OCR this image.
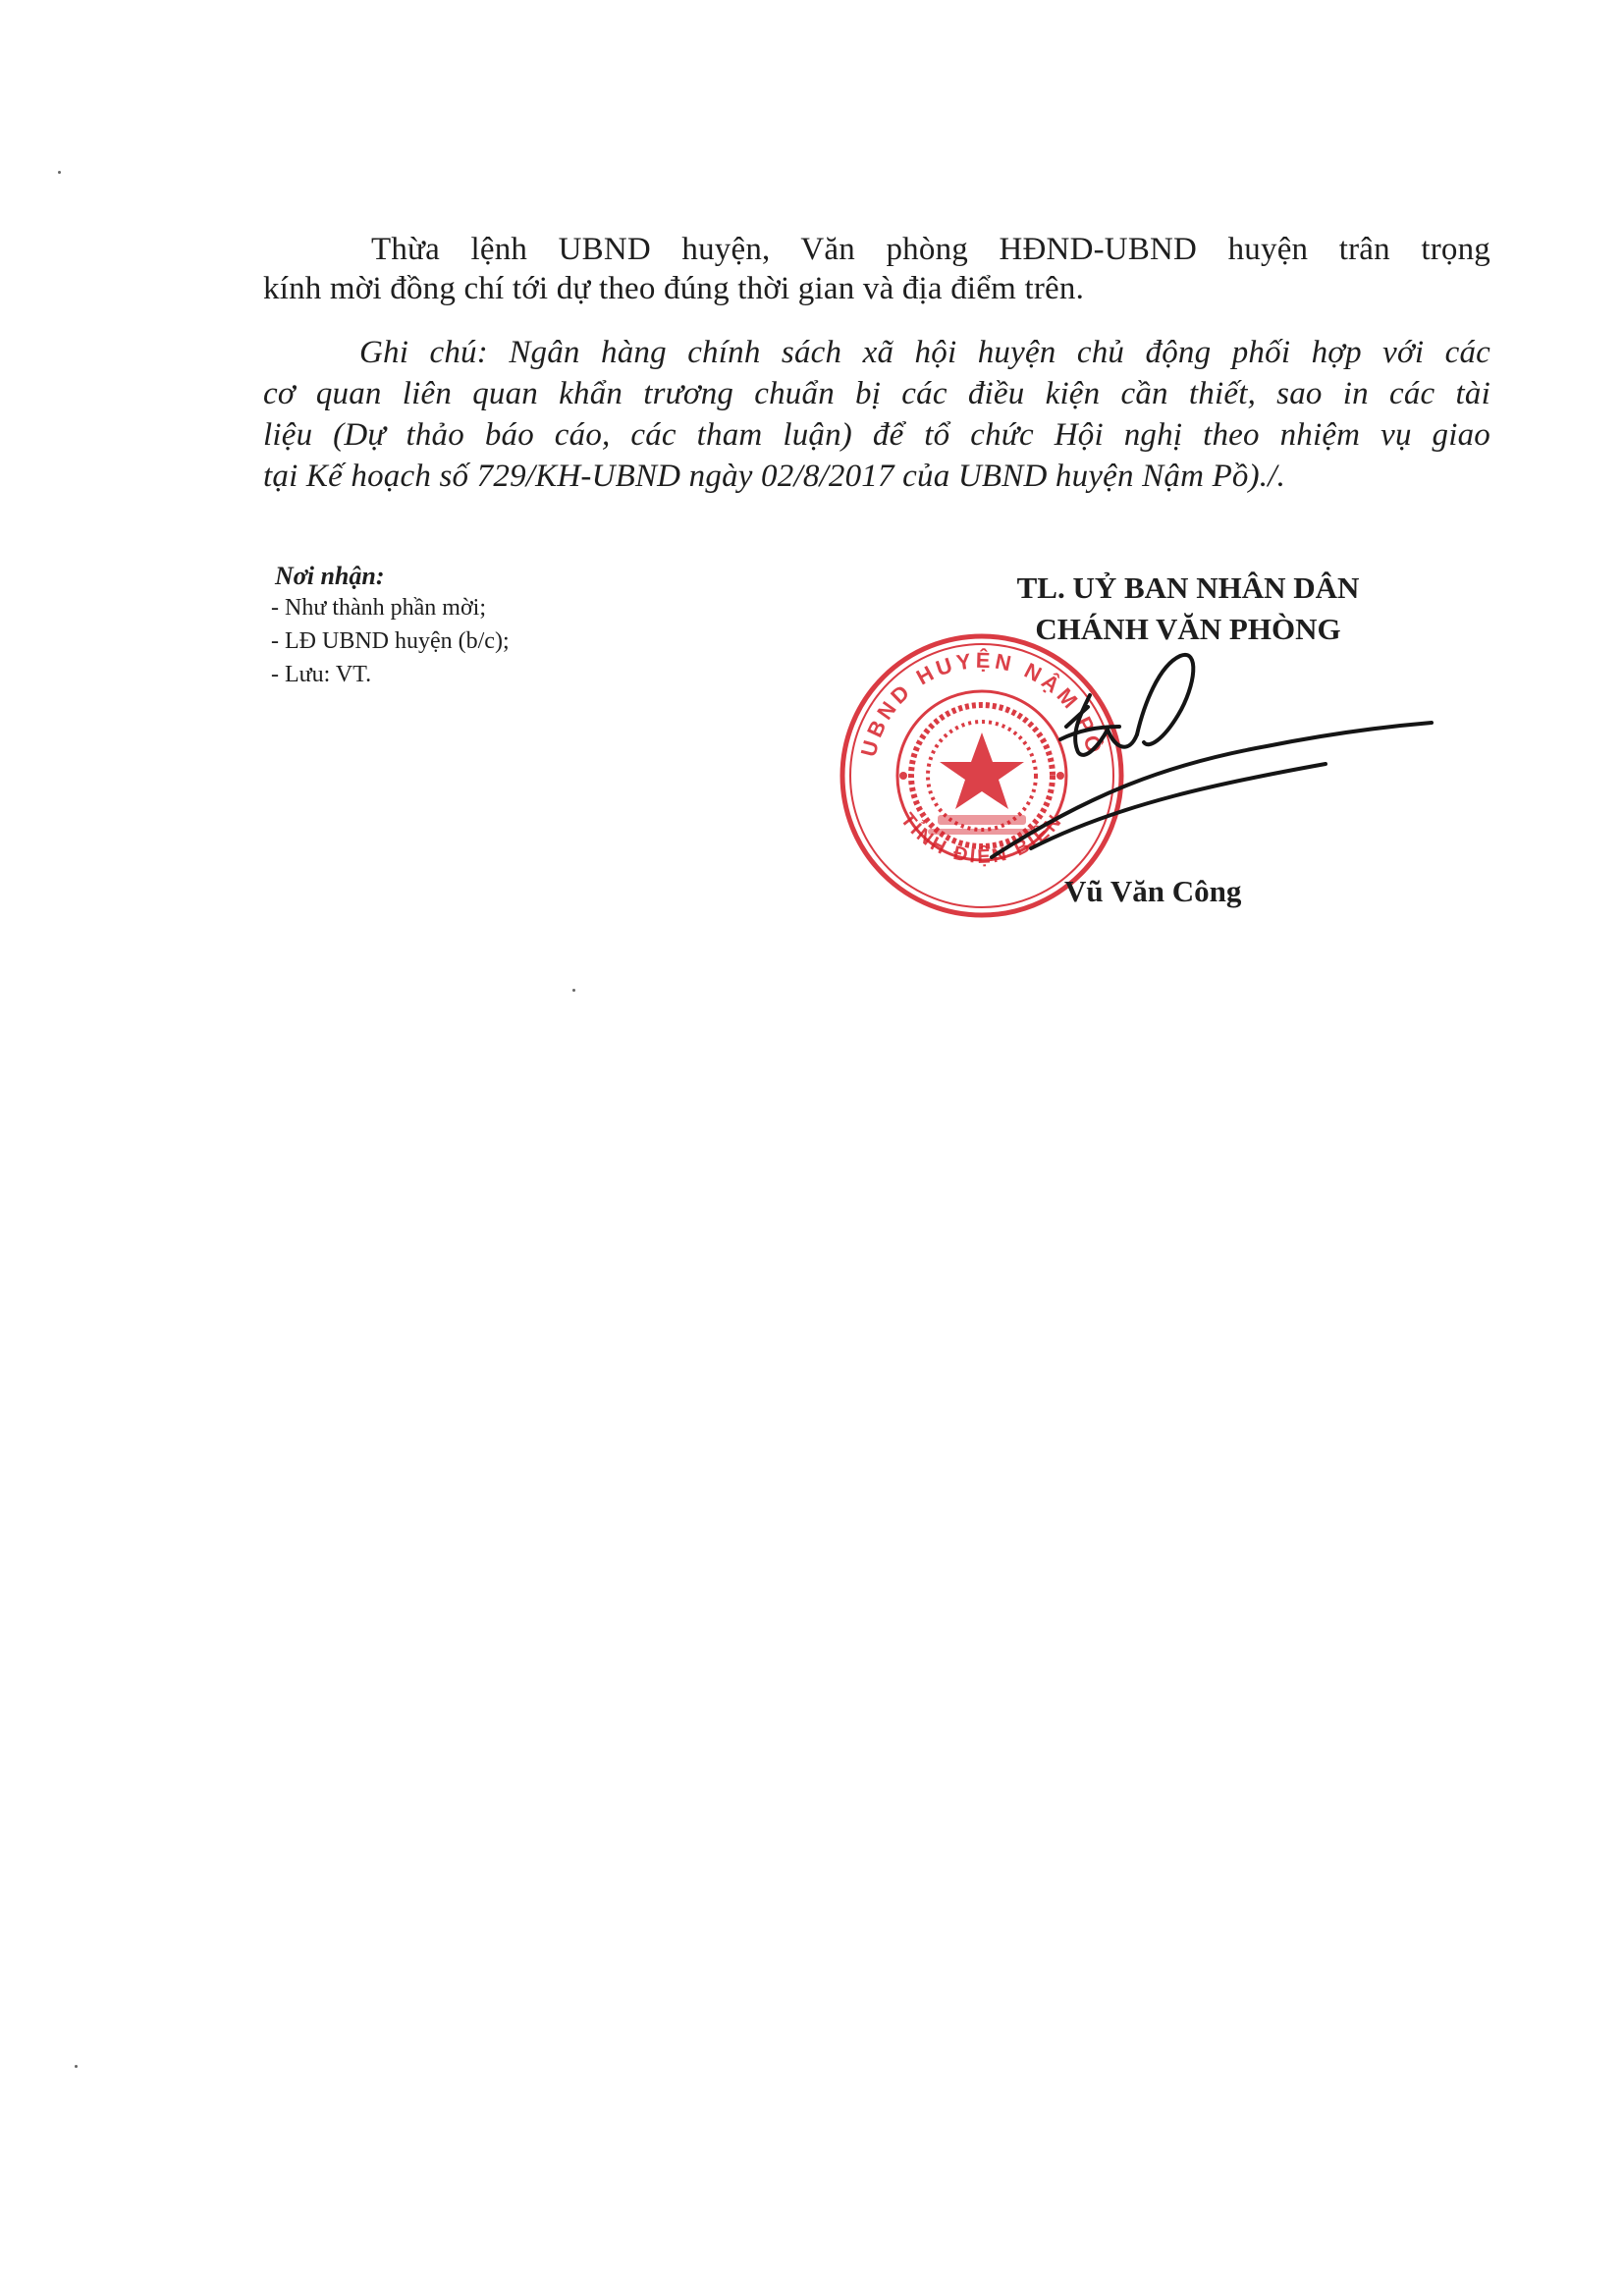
Thừa lệnh UBND huyện, Văn phòng HĐND-UBND huyện trân trọng
kính mời đồng chí tới dự theo đúng thời gian và địa điểm trên.
Ghi chú: Ngân hàng chính sách xã hội huyện chủ động phối hợp với các
cơ quan liên quan khẩn trương chuẩn bị các điều kiện cần thiết, sao in các tài
liệu (Dự thảo báo cáo, các tham luận) để tổ chức Hội nghị theo nhiệm vụ giao
tại Kế hoạch số 729/KH-UBND ngày 02/8/2017 của UBND huyện Nậm Pồ)./.
Nơi nhận:
- Như thành phần mời;
- LĐ UBND huyện (b/c);
- Lưu: VT.
TL. UỶ BAN NHÂN DÂN
CHÁNH VĂN PHÒNG
UBND HUYỆN NẬM PỒ
TỈNH ĐIỆN BIÊN
Vũ Văn Công
